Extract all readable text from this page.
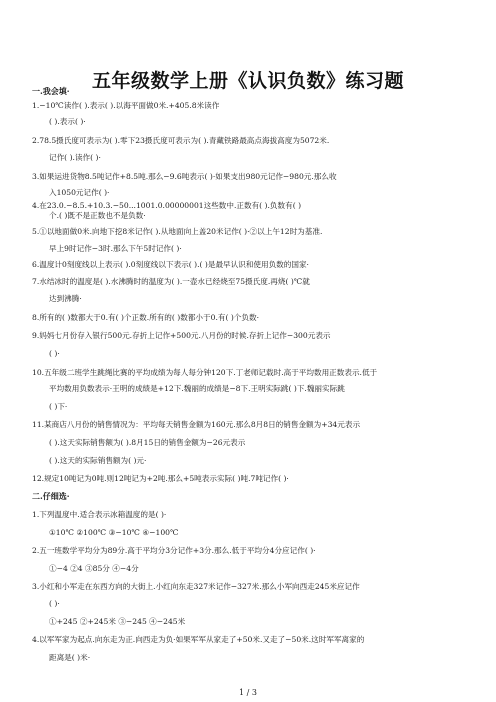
五年级数学上册《认识负数》练习题
一.我会填·
1.−10℃读作( ).表示( ).以海平面做0米.+405.8米读作
( ).表示( )·
2.78.5摄氏度可表示为( ).零下23摄氏度可表示为( ).青藏铁路最高点海拔高度为5072米.
记作( ).读作( )·
3.如果运进货物8.5吨记作+8.5吨.那么−9.6吨表示( )·如果支出980元记作−980元.那么收
入1050元记作( )·
4.在23.0.−8.5.+10.3.−50...1001.0.00000001这些数中.正数有( ).负数有( )
个.( )既不是正数也不是负数·
5.①以地面做0米.向地下挖8米记作( ).从地面向上盖20米记作( )·②以上午12时为基准.
早上9时记作−3时.那么下午5时记作( )·
6.温度计0刻度线以上表示( ).0刻度线以下表示( ).( )是最早认识和使用负数的国家·
7.水结冰时的温度是( ).水沸腾时的温度为( ).一壶水已经烧至75摄氏度.再烧( )℃就
达到沸腾·
8.所有的( )数都大于0.有( )个正数.所有的( )数都小于0.有( )个负数·
9.妈妈七月份存入银行500元.存折上记作+500元.八月份的时候.存折上记作−300元表示
( )·
10.五年级二班学生跳绳比赛的平均成绩为每人每分钟120下.丁老师记载时.高于平均数用正数表示.低于
平均数用负数表示·王明的成绩是+12下.魏丽的成绩是−8下.王明实际跳( )下.魏丽实际跳
( )下·
11.某商店八月份的销售情况为：平均每天销售金额为160元.那么8月8日的销售金额为+34元表示
( ).这天实际销售额为( ).8月15日的销售金额为−26元表示
( ).这天的实际销售额为( )元·
12.规定10吨记为0吨.则12吨记为+2吨.那么+5吨表示实际( )吨.7吨记作( )·
二.仔细选·
1.下列温度中.适合表示冰箱温度的是( )·
①10℃ ②100℃ ③−10℃ ④−100℃
2.五一班数学平均分为89分.高于平均分3分记作+3分.那么.低于平均分4分应记作( )·
①−4 ②4 ③85分 ④−4分
3.小红和小军走在东西方向的大街上.小红向东走327米记作−327米.那么小军向西走245米应记作
( )·
①+245 ②+245米 ③−245 ④−245米
4.以军军家为起点.向东走为正.向西走为负·如果军军从家走了+50米.又走了−50米.这时军军离家的
距离是( )米·
1 / 3
